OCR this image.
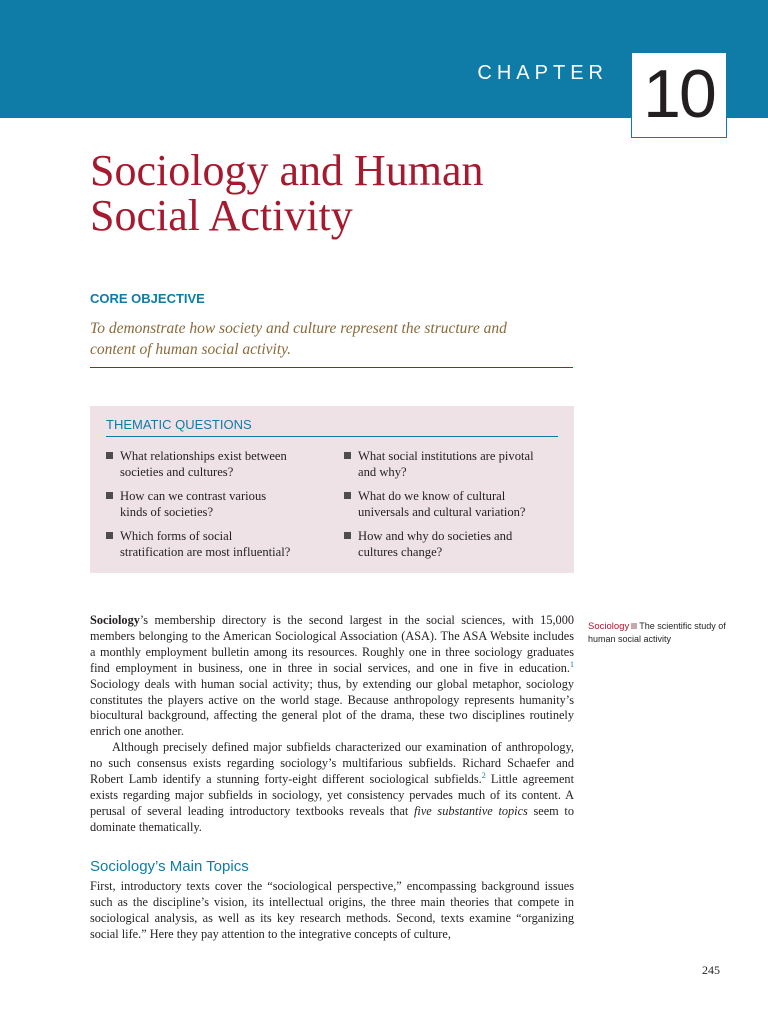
CHAPTER 10
Sociology and Human
Social Activity
CORE OBJECTIVE
To demonstrate how society and culture represent the structure and
content of human social activity.
THEMATIC QUESTIONS
What relationships exist between
societies and cultures?
How can we contrast various
kinds of societies?
Which forms of social
stratification are most influential?
What social institutions are pivotal
and why?
What do we know of cultural
universals and cultural variation?
How and why do societies and
cultures change?

Sociology’s membership directory is the second largest in the social sciences, with 15,000 members belonging to the American Sociological Association (ASA). The ASA Website includes a monthly employment bulletin among its resources. Roughly one in three sociology graduates find employment in business, one in three in social services, and one in five in education.$^1$ Sociology deals with human social activity; thus, by extending our global metaphor, sociology constitutes the players active on the world stage. Because anthropology represents humanity’s biocultural background, affecting the general plot of the drama, these two disciplines routinely enrich one another.

Although precisely defined major subfields characterized our examination of anthropology, no such consensus exists regarding sociology’s multifarious subfields. Richard Schaefer and Robert Lamb identify a stunning forty-eight different sociological subfields.$^2$ Little agreement exists regarding major subfields in sociology, yet consistency pervades much of its content. A perusal of several leading introductory textbooks reveals that five substantive topics seem to dominate thematically.

Sociology The scientific study of human social activity
Sociology’s Main Topics

First, introductory texts cover the “sociological perspective,” encompassing background issues such as the discipline’s vision, its intellectual origins, the three main theories that compete in sociological analysis, as well as its key research methods. Second, texts examine “organizing social life.” Here they pay attention to the integrative concepts of culture,

245
